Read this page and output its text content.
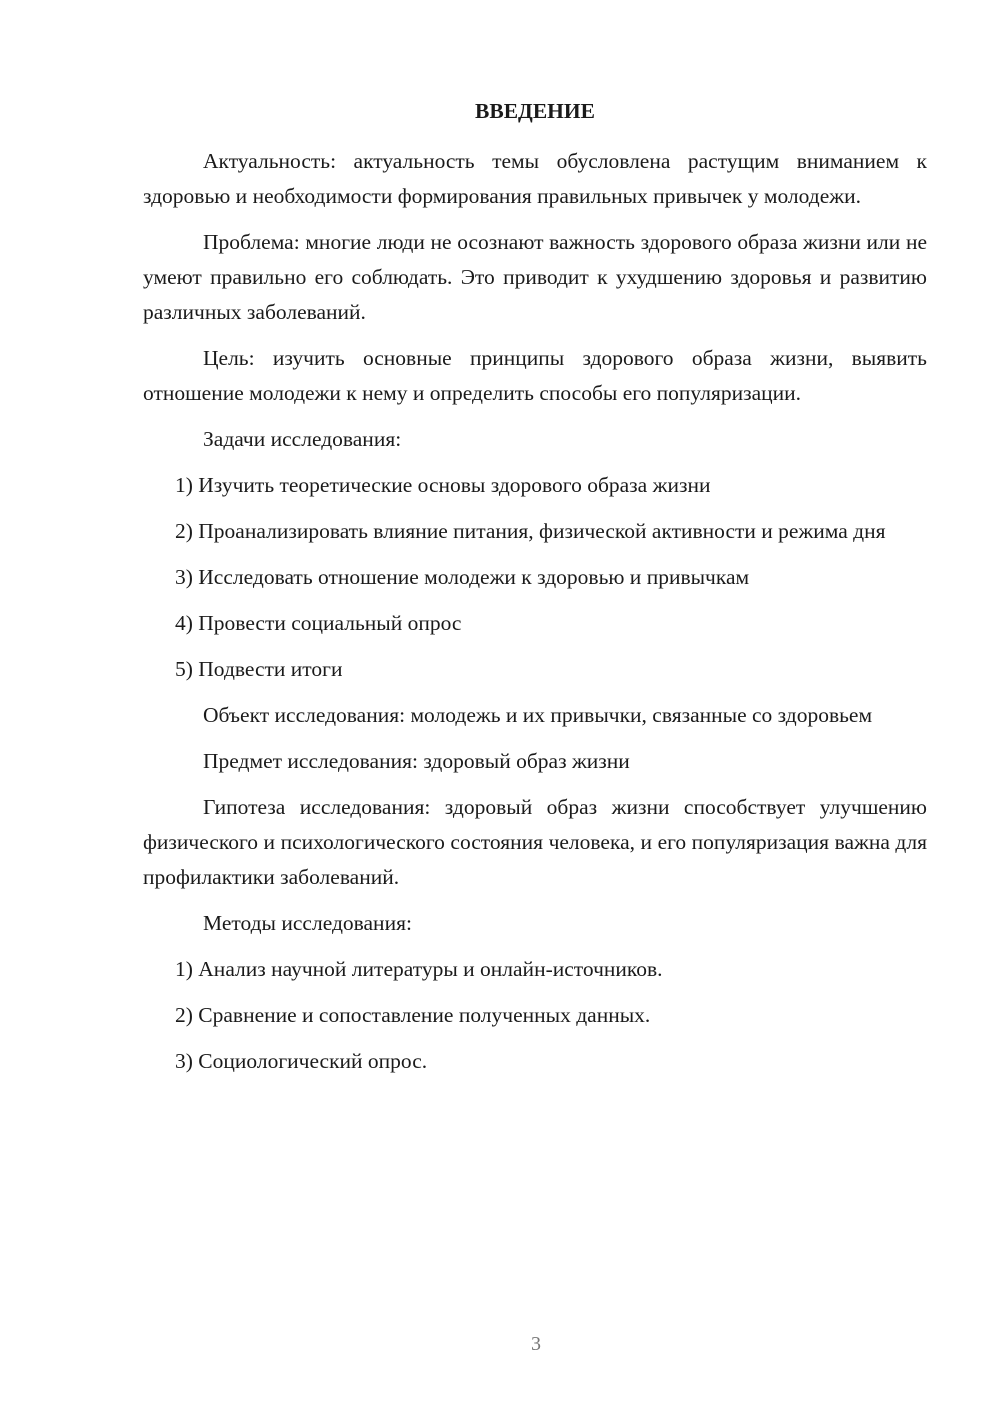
ВВЕДЕНИЕ

Актуальность: актуальность темы обусловлена растущим вниманием к здоровью и необходимости формирования правильных привычек у молодежи.

Проблема: многие люди не осознают важность здорового образа жизни или не умеют правильно его соблюдать. Это приводит к ухудшению здоровья и развитию различных заболеваний.

Цель: изучить основные принципы здорового образа жизни, выявить отношение молодежи к нему и определить способы его популяризации.

Задачи исследования:

1) Изучить теоретические основы здорового образа жизни

2) Проанализировать влияние питания, физической активности и режима дня

3) Исследовать отношение молодежи к здоровью и привычкам

4) Провести социальный опрос

5) Подвести итоги

Объект исследования: молодежь и их привычки, связанные со здоровьем

Предмет исследования: здоровый образ жизни

Гипотеза исследования: здоровый образ жизни способствует улучшению физического и психологического состояния человека, и его популяризация важна для профилактики заболеваний.

Методы исследования:

1) Анализ научной литературы и онлайн-источников.

2) Сравнение и сопоставление полученных данных.

3) Социологический опрос.

3
